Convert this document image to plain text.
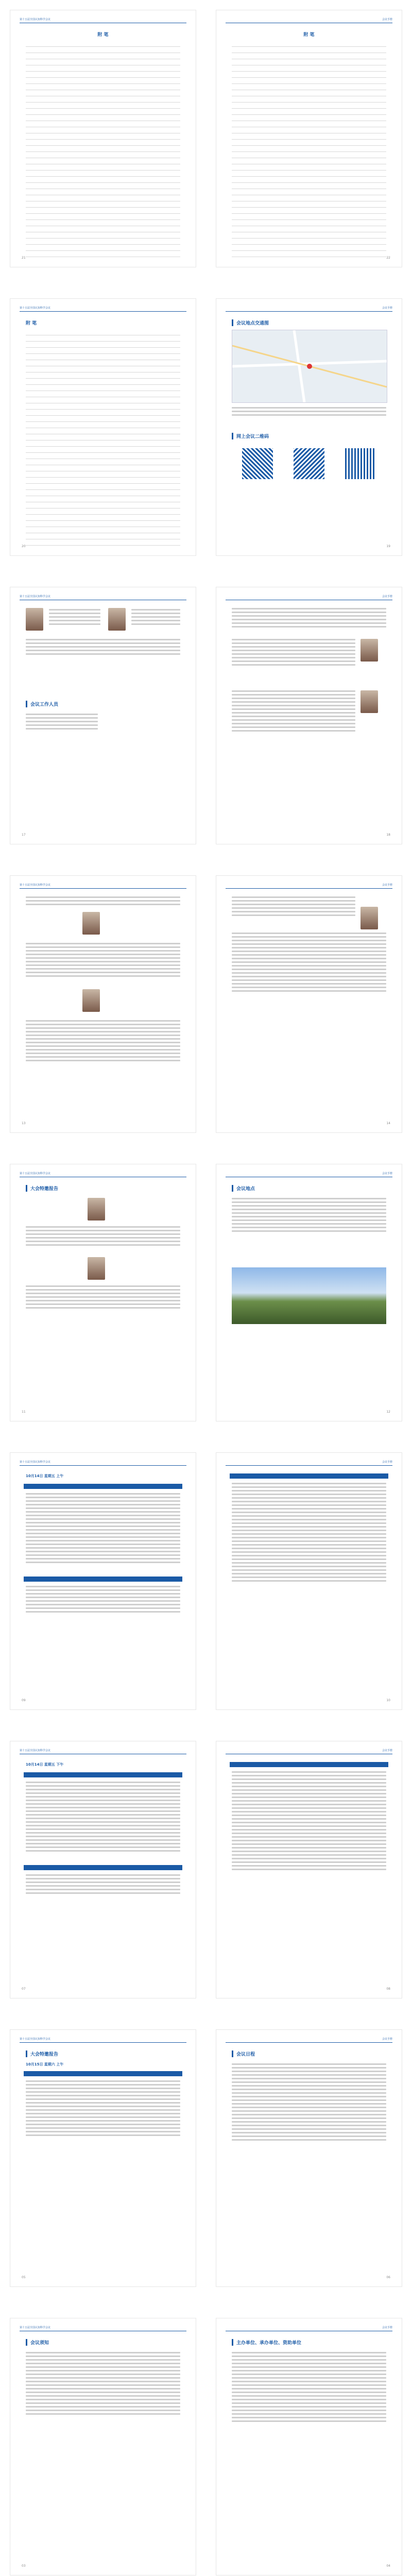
第十五届全国认知科学会议
附 笔
21
会议手册
附 笔
22
第十五届全国认知科学会议
附 笔
20
会议手册
会议地点交通图
网上会议二维码
19
第十五届全国认知科学会议
会议工作人员
17
会议手册
18
第十五届全国认知科学会议
13
会议手册
14
第十五届全国认知科学会议
大会特邀报告
11
会议手册
会议地点
12
第十五届全国认知科学会议
10月14日 星期五 上午
09
会议手册
10
第十五届全国认知科学会议
10月14日 星期五 下午
07
会议手册
08
第十五届全国认知科学会议
大会特邀报告
10月15日 星期六 上午
05
会议手册
会议日程
06
第十五届全国认知科学会议
会议须知
03
会议手册
主办单位、承办单位、资助单位
04
